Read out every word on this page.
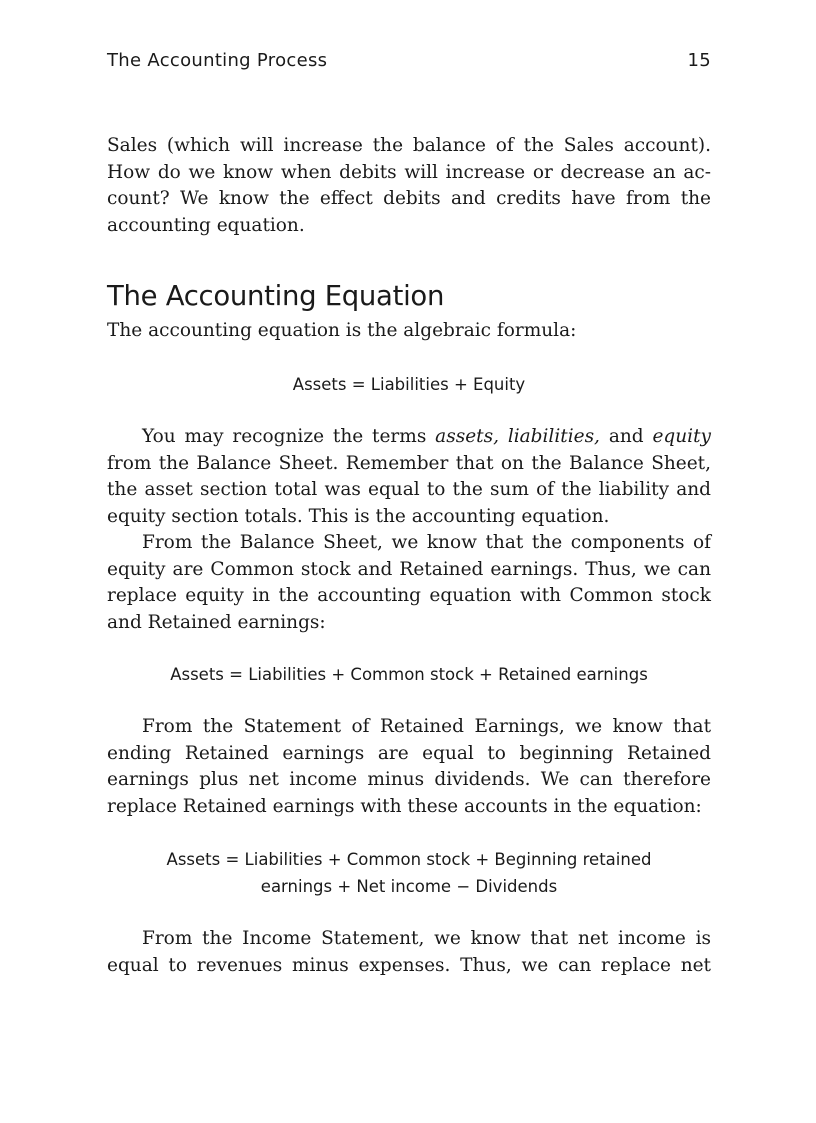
The Accounting Process	15

Sales (which will increase the balance of the Sales account).

How do we know when debits will increase or decrease an ac-

count? We know the effect debits and credits have from the

accounting equation.

The Accounting Equation

The accounting equation is the algebraic formula:

Assets = Liabilities + Equity

You may recognize the terms assets, liabilities, and equity

from the Balance Sheet. Remember that on the Balance Sheet,

the asset section total was equal to the sum of the liability and

equity section totals. This is the accounting equation.

From the Balance Sheet, we know that the components of

equity are Common stock and Retained earnings. Thus, we can

replace equity in the accounting equation with Common stock

and Retained earnings:

Assets = Liabilities + Common stock + Retained earnings

From the Statement of Retained Earnings, we know that

ending Retained earnings are equal to beginning Retained

earnings plus net income minus dividends. We can therefore

replace Retained earnings with these accounts in the equation:

Assets = Liabilities + Common stock + Beginning retained
earnings + Net income − Dividends

From the Income Statement, we know that net income is

equal to revenues minus expenses. Thus, we can replace net
